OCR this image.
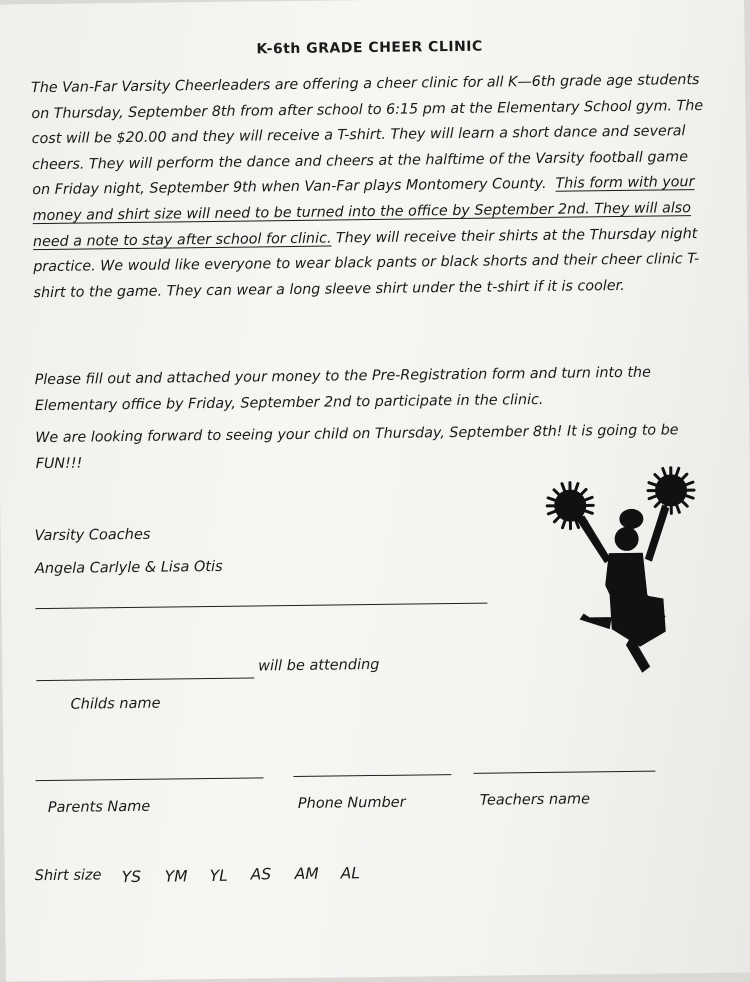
K-6th GRADE CHEER CLINIC
The Van-Far Varsity Cheerleaders are offering a cheer clinic for all K—6th grade age students on Thursday, September 8th from after school to 6:15 pm at the Elementary School gym. The cost will be $20.00 and they will receive a T-shirt. They will learn a short dance and several cheers. They will perform the dance and cheers at the halftime of the Varsity football game on Friday night, September 9th when Van-Far plays Montomery County. This form with your money and shirt size will need to be turned into the office by September 2nd. They will also need a note to stay after school for clinic. They will receive their shirts at the Thursday night practice. We would like everyone to wear black pants or black shorts and their cheer clinic T-shirt to the game. They can wear a long sleeve shirt under the t-shirt if it is cooler.
Please fill out and attached your money to the Pre-Registration form and turn into the Elementary office by Friday, September 2nd to participate in the clinic.
We are looking forward to seeing your child on Thursday, September 8th! It is going to be FUN!!!
Varsity Coaches
Angela Carlyle & Lisa Otis
will be attending
Childs name
Parents Name	Phone Number	Teachers name
Shirt size YS YM YL AS AM AL
